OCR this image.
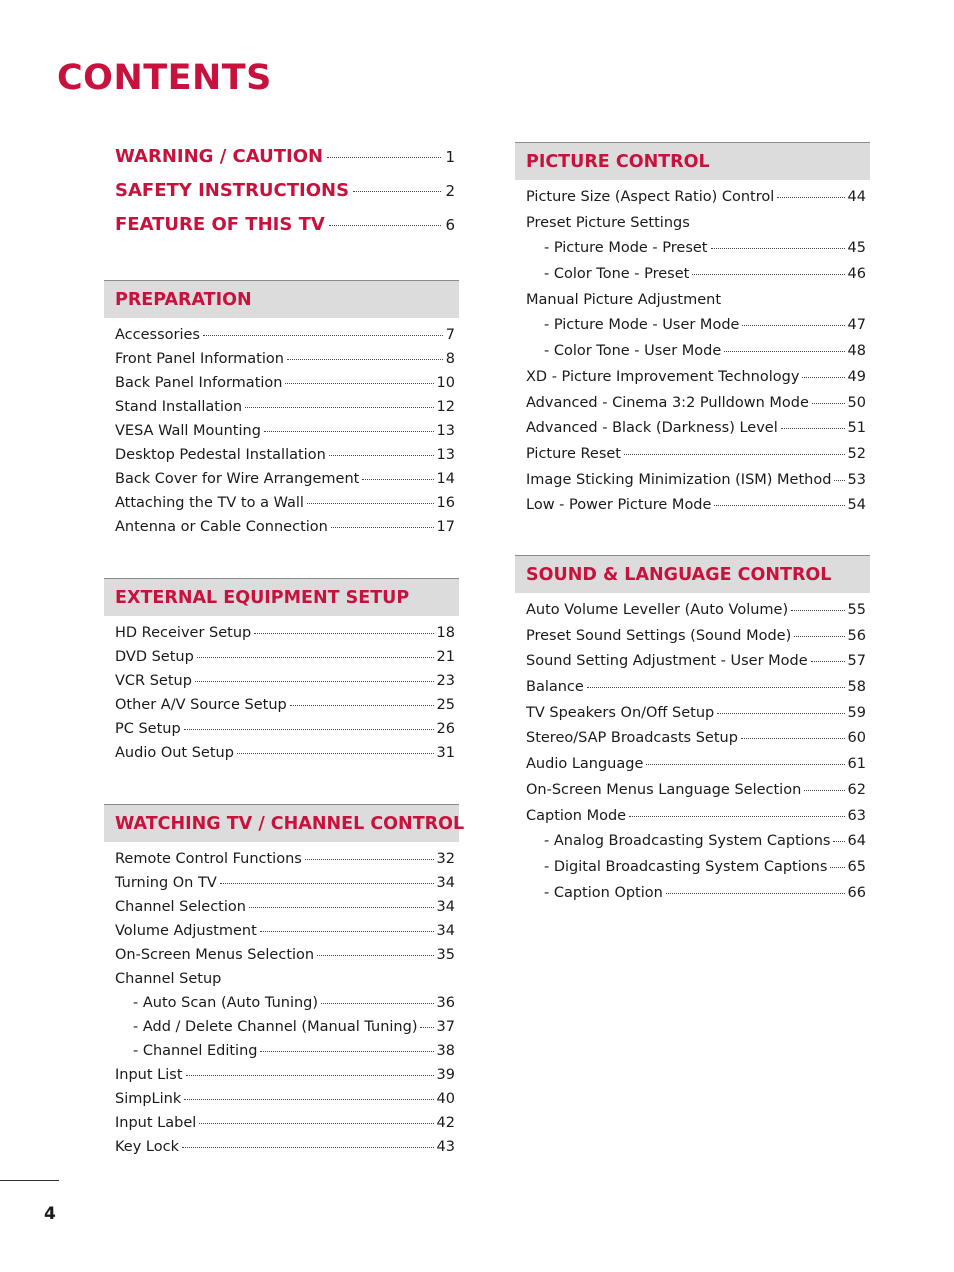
CONTENTS
WARNING / CAUTION	1
SAFETY INSTRUCTIONS	2
FEATURE OF THIS TV	6
PREPARATION
Accessories	7
Front Panel Information	8
Back Panel Information	10
Stand Installation	12
VESA Wall Mounting	13
Desktop Pedestal Installation	13
Back Cover for Wire Arrangement	14
Attaching the TV to a Wall	16
Antenna or Cable Connection	17
EXTERNAL EQUIPMENT SETUP
HD Receiver Setup	18
DVD Setup	21
VCR Setup	23
Other A/V Source Setup	25
PC Setup	26
Audio Out Setup	31
WATCHING TV / CHANNEL CONTROL
Remote Control Functions	32
Turning On TV	34
Channel Selection	34
Volume Adjustment	34
On-Screen Menus Selection	35
Channel Setup
- Auto Scan (Auto Tuning)	36
- Add / Delete Channel (Manual Tuning) 37
- Channel Editing	38
Input List	39
SimpLink	40
Input Label	42
Key Lock	43
PICTURE CONTROL
Picture Size (Aspect Ratio) Control	44
Preset Picture Settings
- Picture Mode - Preset	45
- Color Tone - Preset	46
Manual Picture Adjustment
- Picture Mode - User Mode	47
- Color Tone - User Mode	48
XD - Picture Improvement Technology	49
Advanced - Cinema 3:2 Pulldown Mode	50
Advanced - Black (Darkness) Level	51
Picture Reset	52
Image Sticking Minimization (ISM) Method 53
Low - Power Picture Mode	54
SOUND & LANGUAGE CONTROL
Auto Volume Leveller (Auto Volume)	55
Preset Sound Settings (Sound Mode)	56
Sound Setting Adjustment - User Mode	57
Balance	58
TV Speakers On/Off Setup	59
Stereo/SAP Broadcasts Setup	60
Audio Language	61
On-Screen Menus Language Selection	62
Caption Mode	63
- Analog Broadcasting System Captions 64
- Digital Broadcasting System Captions 65
- Caption Option	66
4
